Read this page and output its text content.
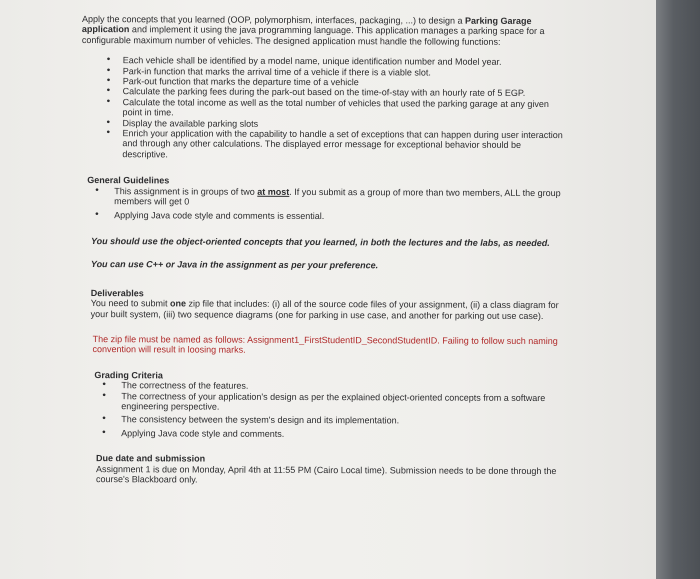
Apply the concepts that you learned (OOP, polymorphism, interfaces, packaging, ...) to design a Parking Garage application and implement it using the java programming language. This application manages a parking space for a configurable maximum number of vehicles. The designed application must handle the following functions:

• Each vehicle shall be identified by a model name, unique identification number and Model year.
• Park-in function that marks the arrival time of a vehicle if there is a viable slot.
• Park-out function that marks the departure time of a vehicle
• Calculate the parking fees during the park-out based on the time-of-stay with an hourly rate of 5 EGP.
• Calculate the total income as well as the total number of vehicles that used the parking garage at any given point in time.
• Display the available parking slots
• Enrich your application with the capability to handle a set of exceptions that can happen during user interaction and through any other calculations. The displayed error message for exceptional behavior should be descriptive.

General Guidelines

• This assignment is in groups of two at most. If you submit as a group of more than two members, ALL the group members will get 0
• Applying Java code style and comments is essential.

You should use the object-oriented concepts that you learned, in both the lectures and the labs, as needed.

You can use C++ or Java in the assignment as per your preference.

Deliverables

You need to submit one zip file that includes: (i) all of the source code files of your assignment, (ii) a class diagram for your built system, (iii) two sequence diagrams (one for parking in use case, and another for parking out use case).

The zip file must be named as follows: Assignment1_FirstStudentID_SecondStudentID. Failing to follow such naming convention will result in loosing marks.

Grading Criteria

• The correctness of the features.
• The correctness of your application's design as per the explained object-oriented concepts from a software engineering perspective.
• The consistency between the system's design and its implementation.
• Applying Java code style and comments.

Due date and submission

Assignment 1 is due on Monday, April 4th at 11:55 PM (Cairo Local time). Submission needs to be done through the course's Blackboard only.
